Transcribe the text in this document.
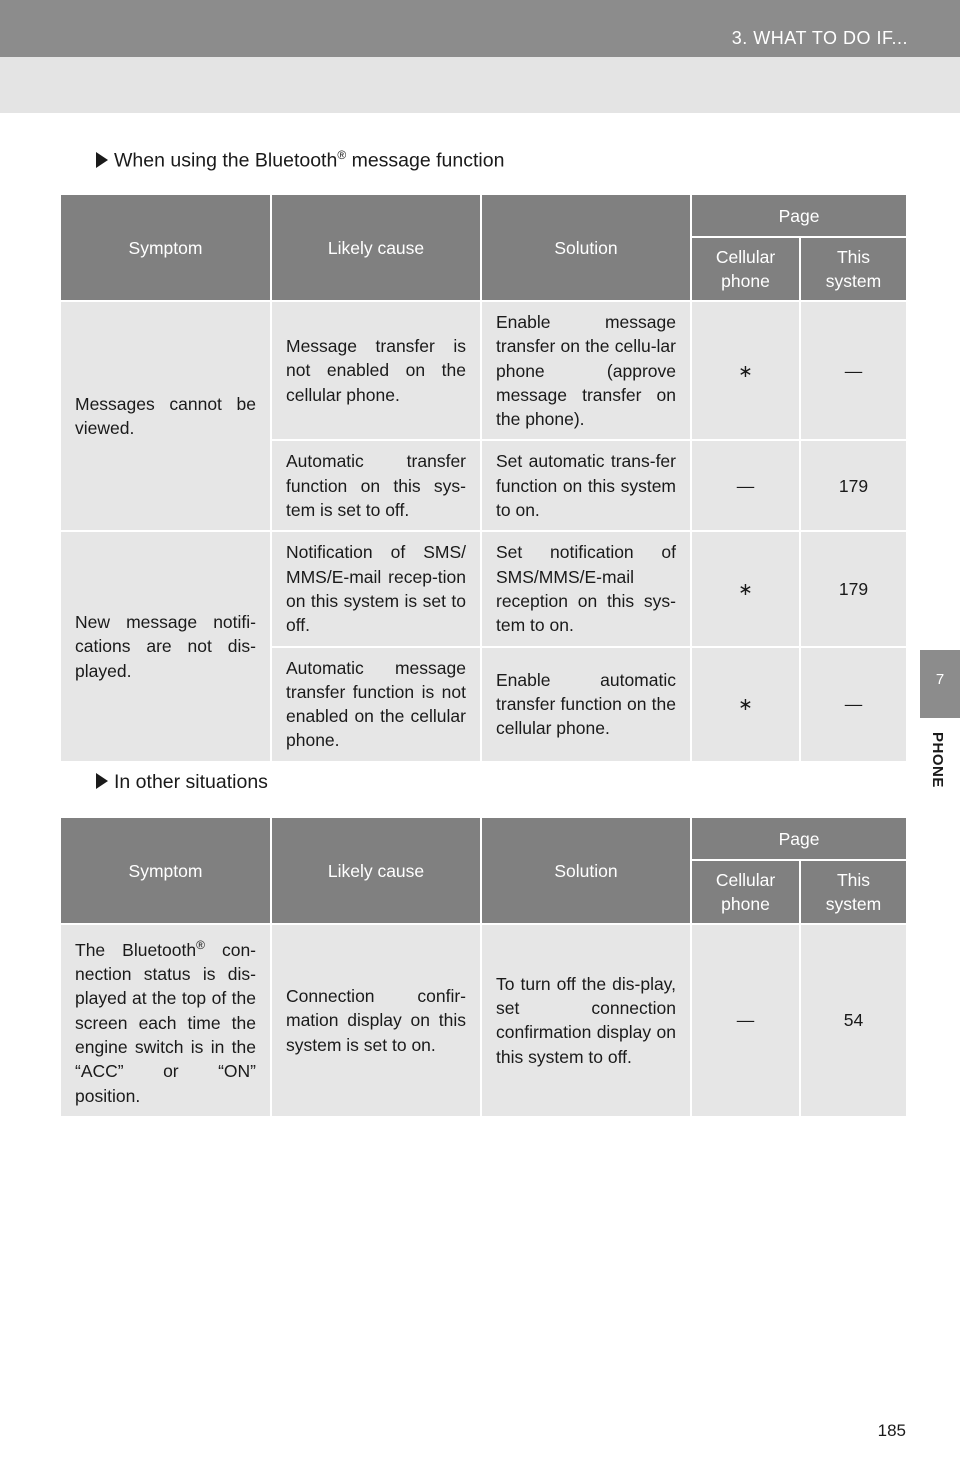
3. WHAT TO DO IF...
When using the Bluetooth® message function
Symptom	Likely cause	Solution	Page	
			Cellular phone	This system
Messages cannot be viewed.	Message transfer is not enabled on the cellular phone.	Enable message transfer on the cellu-lar phone (approve message transfer on the phone).	∗	—
	Automatic transfer function on this sys-tem is set to off.	Set automatic trans-fer function on this system to on.	—	179
New message notifi-cations are not dis-played.	Notification of SMS/ MMS/E-mail recep-tion on this system is set to off.	Set notification of SMS/MMS/E-mail reception on this sys-tem to on.	∗	179
	Automatic message transfer function is not enabled on the cellular phone.	Enable automatic transfer function on the cellular phone.	∗	—
In other situations
Symptom	Likely cause	Solution	Page	
			Cellular phone	This system
The Bluetooth® con-nection status is dis-played at the top of the screen each time the engine switch is in the “ACC” or “ON” position.	Connection confir-mation display on this system is set to on.	To turn off the dis-play, set connection confirmation display on this system to off.	—	54
7
PHONE
185
